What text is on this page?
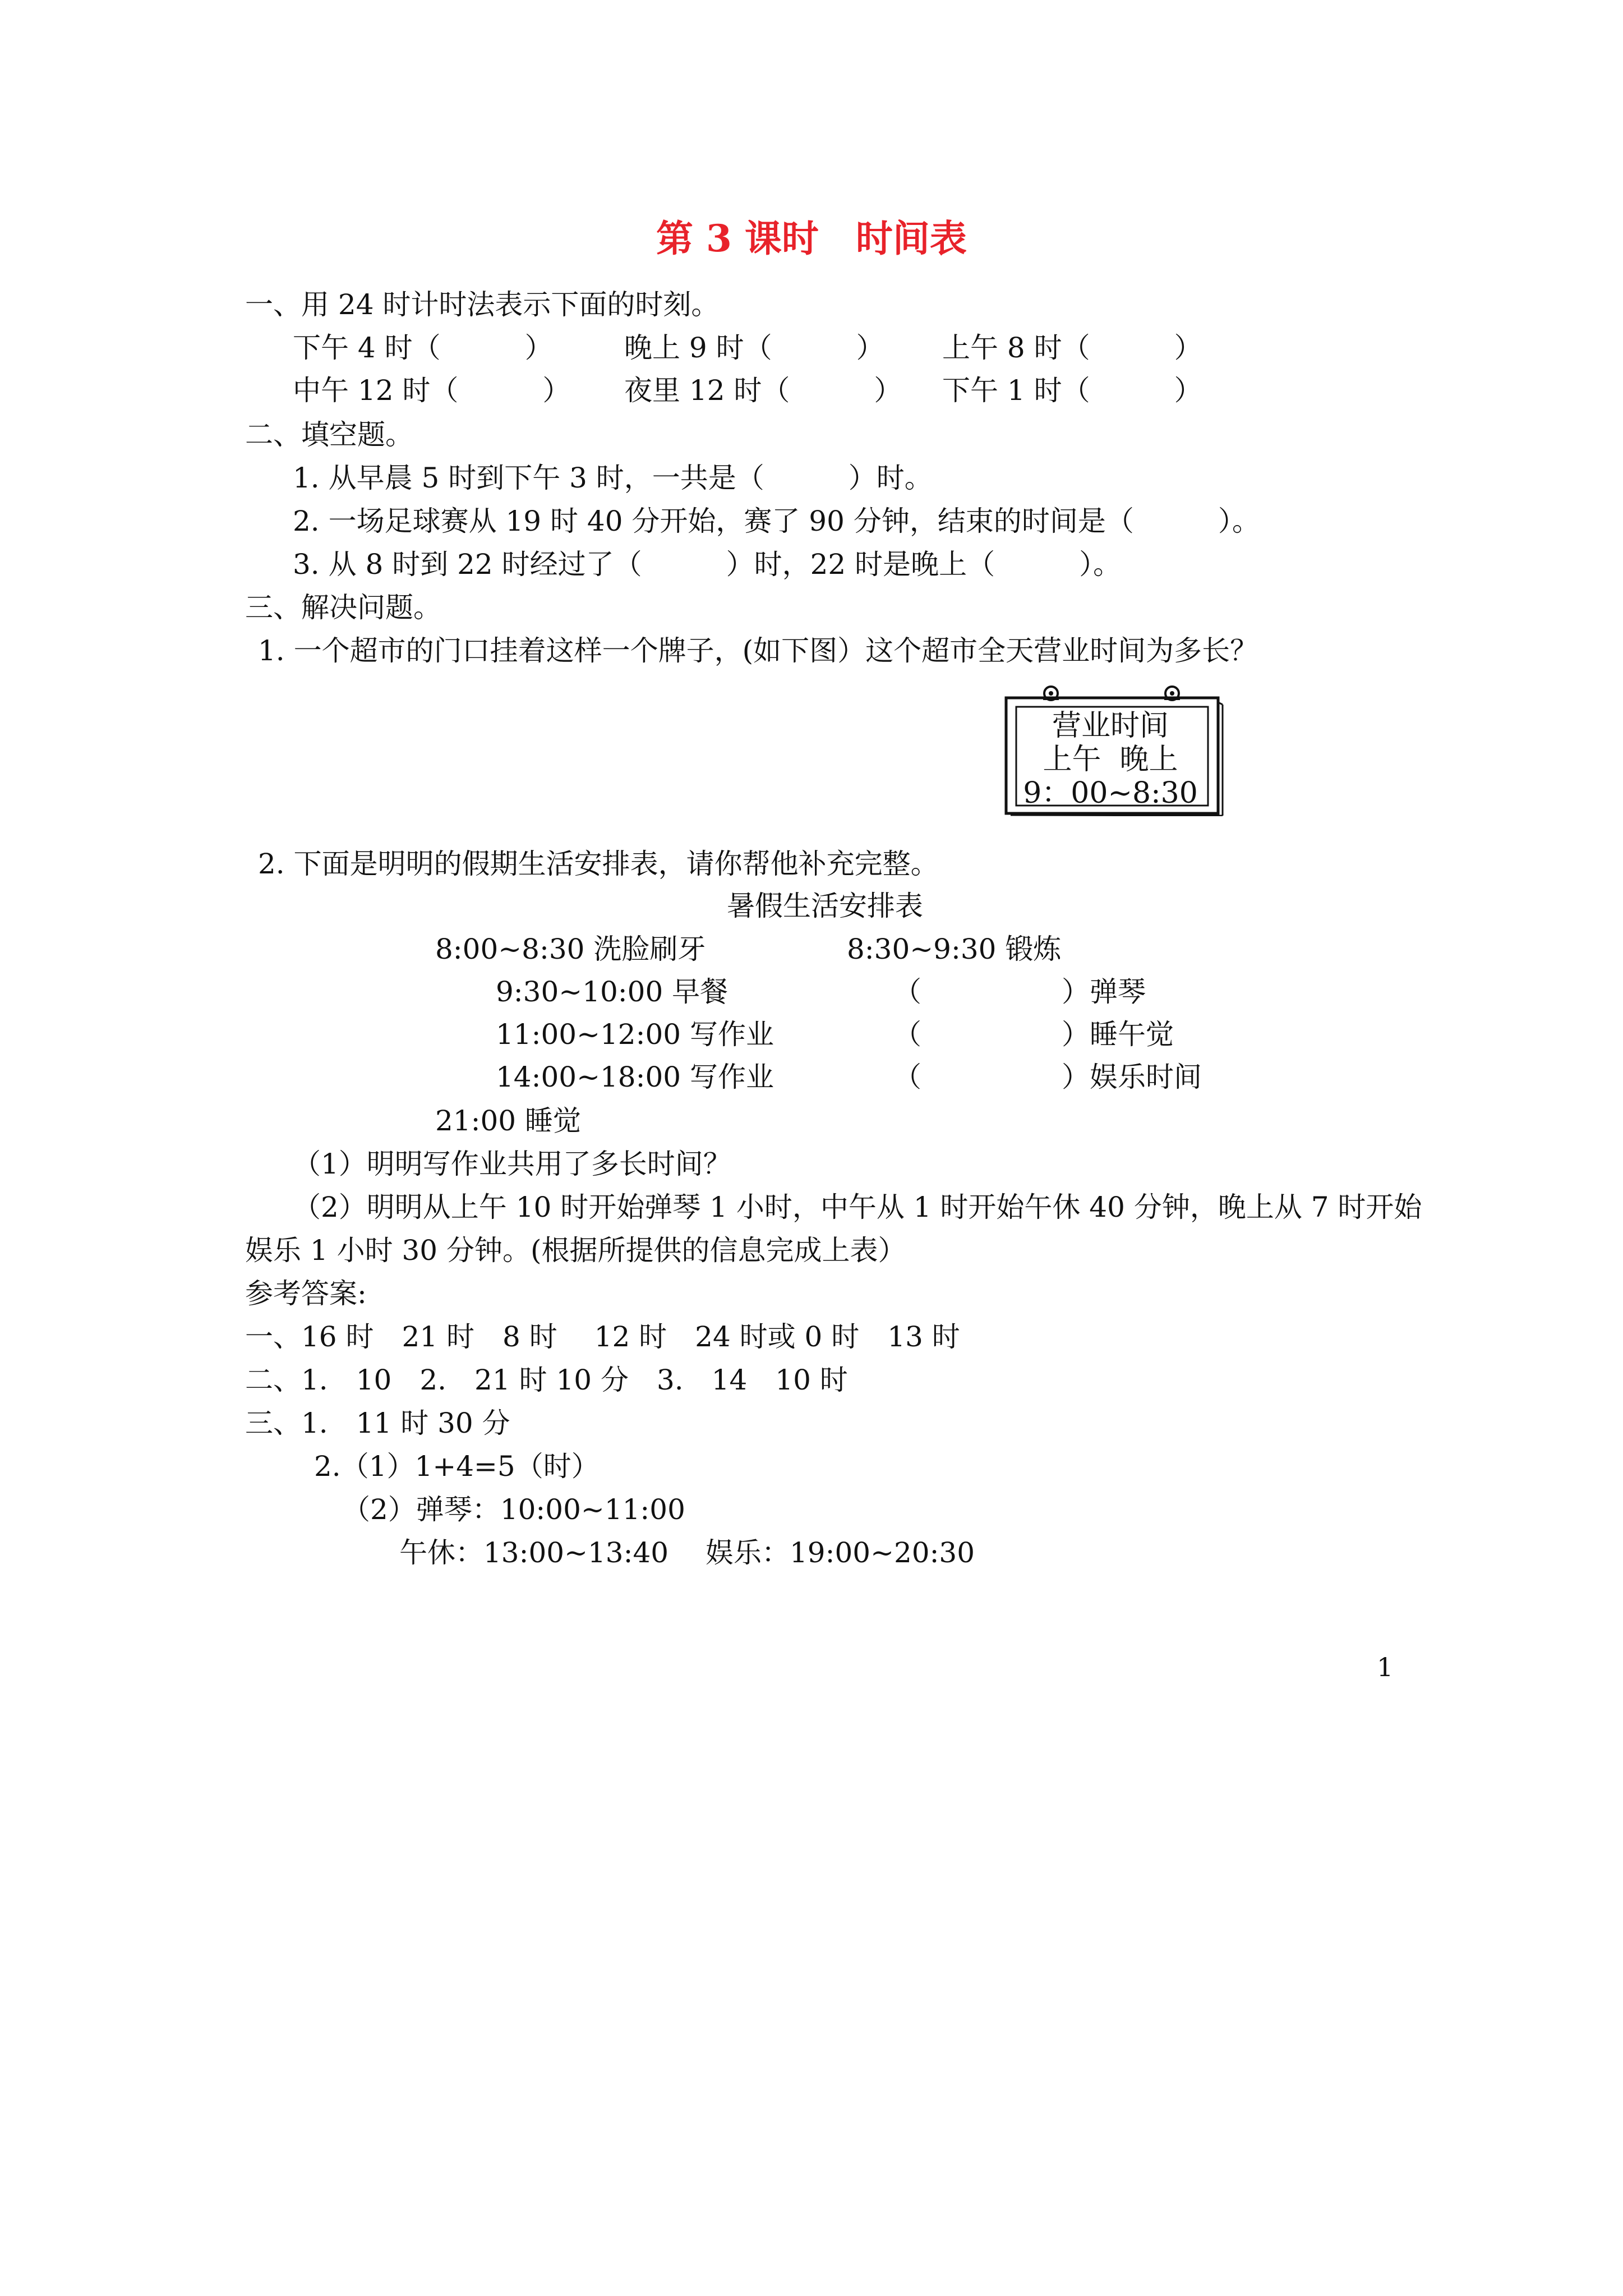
第 3 课时　时间表
一、用 24 时计时法表示下面的时刻。
下午 4 时（　　　）	晚上 9 时（　　　） 上午 8 时（　　　）
中午 12 时（　　　） 夜里 12 时（　　　） 下午 1 时（　　　）
二、填空题。
1. 从早晨 5 时到下午 3 时，一共是（　　　）时。
2. 一场足球赛从 19 时 40 分开始，赛了 90 分钟，结束的时间是（　　　）。
3. 从 8 时到 22 时经过了（　　　）时，22 时是晚上（　　　）。
三、解决问题。
1. 一个超市的门口挂着这样一个牌子，(如下图）这个超市全天营业时间为多长？
营业时间
上午  晚上
9：00~8:30
2. 下面是明明的假期生活安排表，请你帮他补充完整。
暑假生活安排表
8:00~8:30 洗脸刷牙	8:30~9:30 锻炼
9:30~10:00 早餐	（　　　　　）弹琴
11:00~12:00 写作业	（　　　　　）睡午觉
14:00~18:00 写作业	（　　　　　）娱乐时间
21:00 睡觉
（1）明明写作业共用了多长时间？
（2）明明从上午 10 时开始弹琴 1 小时，中午从 1 时开始午休 40 分钟，晚上从 7 时开始
娱乐 1 小时 30 分钟。(根据所提供的信息完成上表）
参考答案:
一、16 时　21 时　8 时　 12 时　24 时或 0 时　13 时
二、1.　10　2.　21 时 10 分　3.　14　10 时
三、1.　11 时 30 分
2.（1）1+4=5（时）
（2）弹琴：10:00~11:00
午休：13:00~13:40　 娱乐：19:00~20:30
1
